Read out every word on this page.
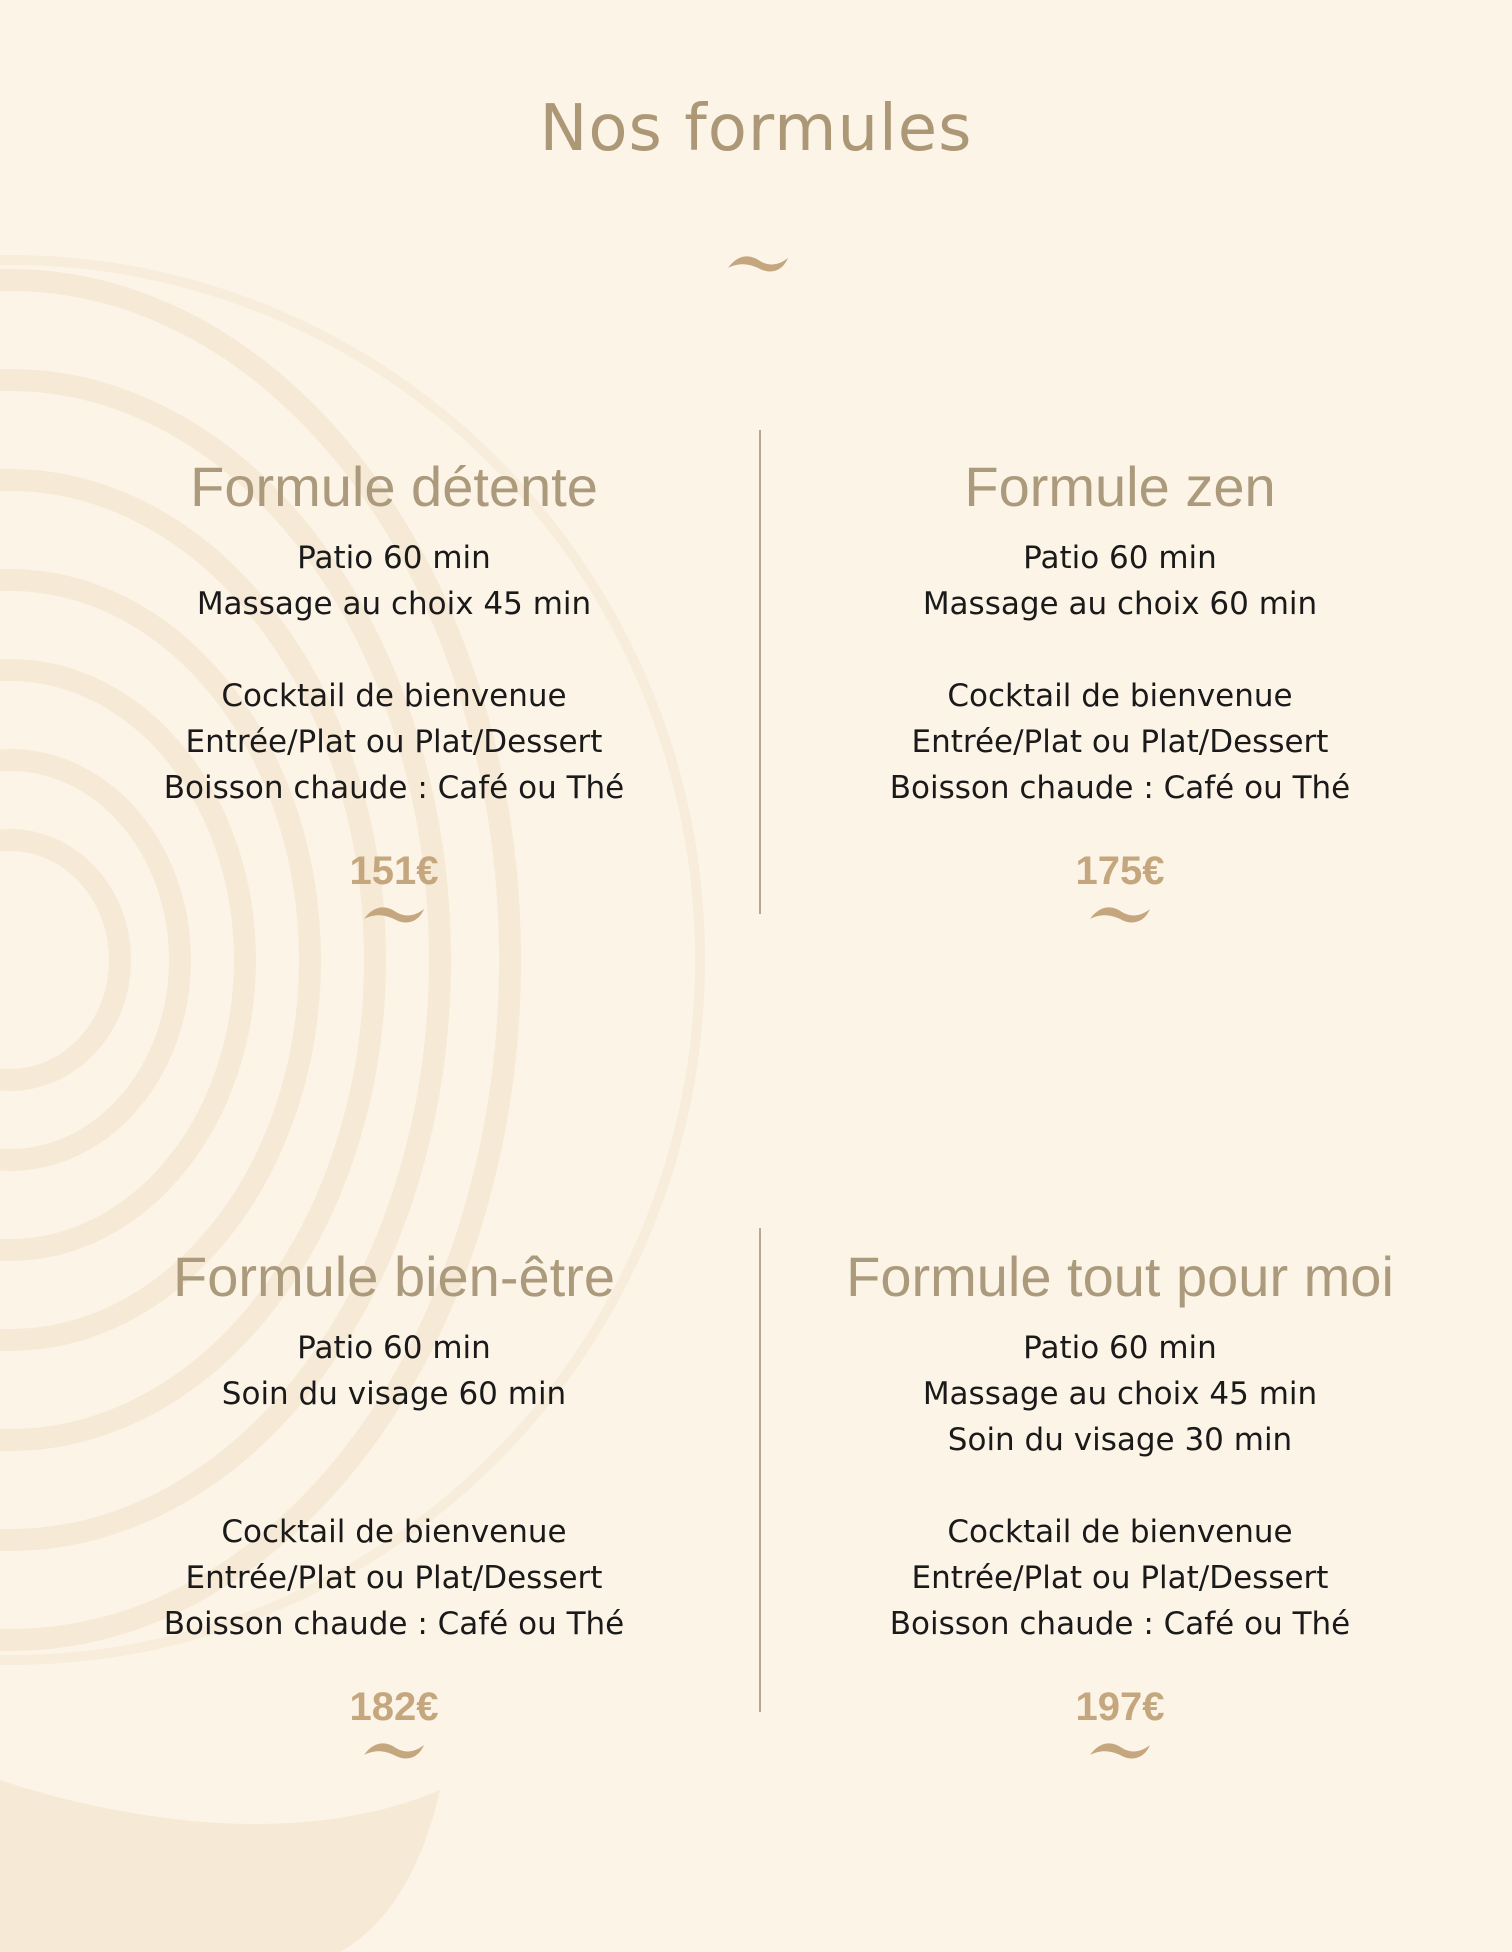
Nos formules
Formule détente
Patio 60 min
Massage au choix 45 min
Cocktail de bienvenue
Entrée/Plat ou Plat/Dessert
Boisson chaude : Café ou Thé
151€
Formule zen
Patio 60 min
Massage au choix 60 min
Cocktail de bienvenue
Entrée/Plat ou Plat/Dessert
Boisson chaude : Café ou Thé
175€
Formule bien-être
Patio 60 min
Soin du visage 60 min
Cocktail de bienvenue
Entrée/Plat ou Plat/Dessert
Boisson chaude : Café ou Thé
182€
Formule tout pour moi
Patio 60 min
Massage au choix 45 min
Soin du visage 30 min
Cocktail de bienvenue
Entrée/Plat ou Plat/Dessert
Boisson chaude : Café ou Thé
197€
